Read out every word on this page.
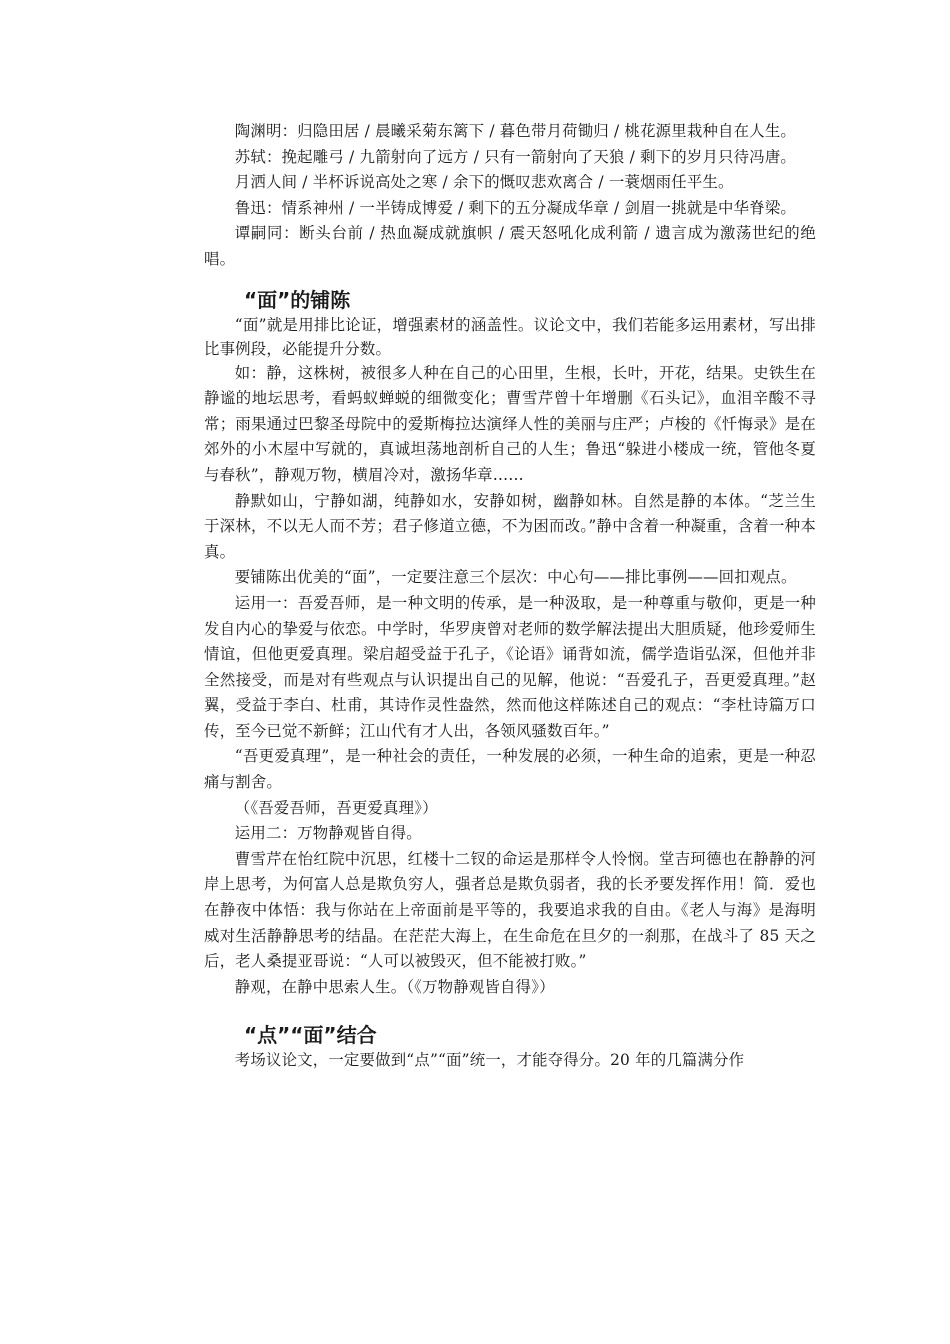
陶渊明：归隐田居 / 晨曦采菊东篱下 / 暮色带月荷锄归 / 桃花源里栽种自在人生。

苏轼：挽起雕弓 / 九箭射向了远方 / 只有一箭射向了天狼 / 剩下的岁月只待冯唐。

月洒人间 / 半杯诉说高处之寒 / 余下的慨叹悲欢离合 / 一蓑烟雨任平生。

鲁迅：情系神州 / 一半铸成博爱 / 剩下的五分凝成华章 / 剑眉一挑就是中华脊梁。

谭嗣同：断头台前 / 热血凝成就旗帜 / 震天怒吼化成利箭 / 遗言成为激荡世纪的绝唱。

“面”的铺陈

“面”就是用排比论证，增强素材的涵盖性。议论文中，我们若能多运用素材，写出排比事例段，必能提升分数。

如：静，这株树，被很多人种在自己的心田里，生根，长叶，开花，结果。史铁生在静谧的地坛思考，看蚂蚁蝉蜕的细微变化；曹雪芹曾十年增删《石头记》，血泪辛酸不寻常；雨果通过巴黎圣母院中的爱斯梅拉达演绎人性的美丽与庄严；卢梭的《忏悔录》是在郊外的小木屋中写就的，真诚坦荡地剖析自己的人生；鲁迅“躲进小楼成一统，管他冬夏与春秋”，静观万物，横眉冷对，激扬华章……

静默如山，宁静如湖，纯静如水，安静如树，幽静如林。自然是静的本体。“芝兰生于深林，不以无人而不芳；君子修道立德，不为困而改。”静中含着一种凝重，含着一种本真。

要铺陈出优美的“面”，一定要注意三个层次：中心句——排比事例——回扣观点。

运用一：吾爱吾师，是一种文明的传承，是一种汲取，是一种尊重与敬仰，更是一种发自内心的挚爱与依恋。中学时，华罗庚曾对老师的数学解法提出大胆质疑，他珍爱师生情谊，但他更爱真理。梁启超受益于孔子，《论语》诵背如流，儒学造诣弘深，但他并非全然接受，而是对有些观点与认识提出自己的见解，他说：“吾爱孔子，吾更爱真理。”赵翼，受益于李白、杜甫，其诗作灵性盎然，然而他这样陈述自己的观点：“李杜诗篇万口传，至今已觉不新鲜；江山代有才人出，各领风骚数百年。”

“吾更爱真理”，是一种社会的责任，一种发展的必须，一种生命的追索，更是一种忍痛与割舍。

（《吾爱吾师，吾更爱真理》）

运用二：万物静观皆自得。

曹雪芹在怡红院中沉思，红楼十二钗的命运是那样令人怜悯。堂吉珂德也在静静的河岸上思考，为何富人总是欺负穷人，强者总是欺负弱者，我的长矛要发挥作用！简．爱也在静夜中体悟：我与你站在上帝面前是平等的，我要追求我的自由。《老人与海》是海明威对生活静静思考的结晶。在茫茫大海上，在生命危在旦夕的一刹那，在战斗了 85 天之后，老人桑提亚哥说：“人可以被毁灭，但不能被打败。”

静观，在静中思索人生。（《万物静观皆自得》）

“点”“面”结合

考场议论文，一定要做到“点”“面”统一，才能夺得分。20 年的几篇满分作
